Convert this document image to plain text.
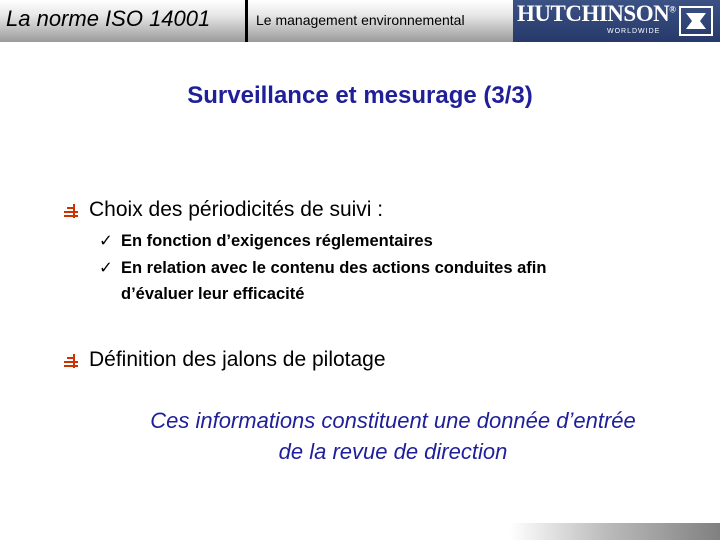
La norme ISO 14001	Le management environnemental HUTCHINSON®
WORLDWIDE
Surveillance et mesurage (3/3)
Choix des périodicités de suivi :
✓ En fonction d’exigences réglementaires
✓ En relation avec le contenu des actions conduites afin
d’évaluer leur efficacité
Définition des jalons de pilotage
Ces informations constituent une donnée d’entrée
de la revue de direction
